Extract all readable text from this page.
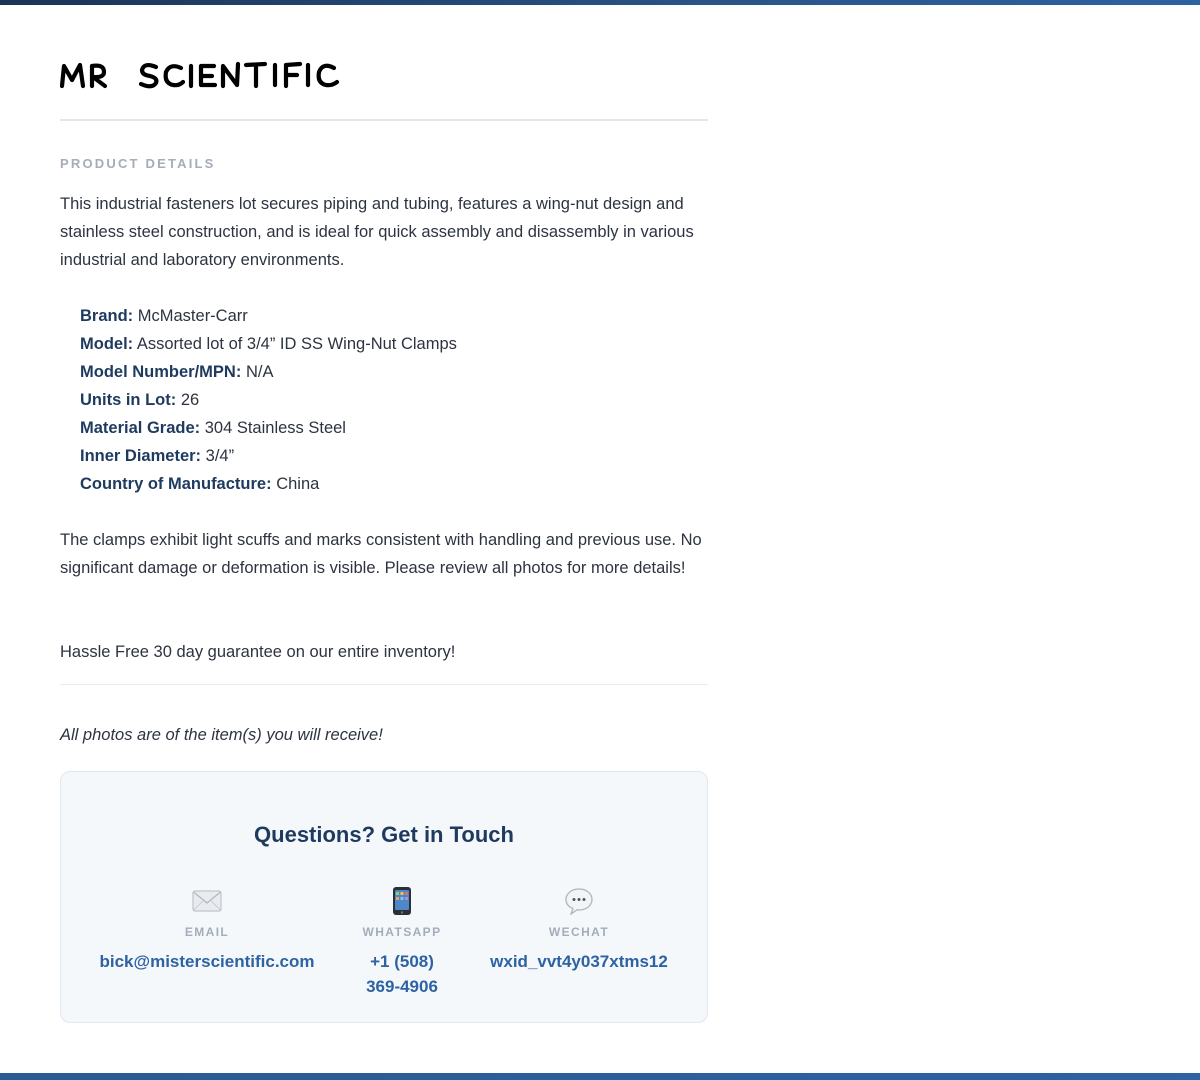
PRODUCT DETAILS
This industrial fasteners lot secures piping and tubing, features a wing-nut design and stainless steel construction, and is ideal for quick assembly and disassembly in various industrial and laboratory environments.
Brand: McMaster-Carr
Model: Assorted lot of 3/4” ID SS Wing-Nut Clamps
Model Number/MPN: N/A
Units in Lot: 26
Material Grade: 304 Stainless Steel
Inner Diameter: 3/4”
Country of Manufacture: China
The clamps exhibit light scuffs and marks consistent with handling and previous use. No significant damage or deformation is visible. Please review all photos for more details!
Hassle Free 30 day guarantee on our entire inventory!
All photos are of the item(s) you will receive!
Questions? Get in Touch
EMAIL
bick@misterscientific.com
WHATSAPP
+1 (508) 369-4906
WECHAT
wxid_vvt4y037xtms12
